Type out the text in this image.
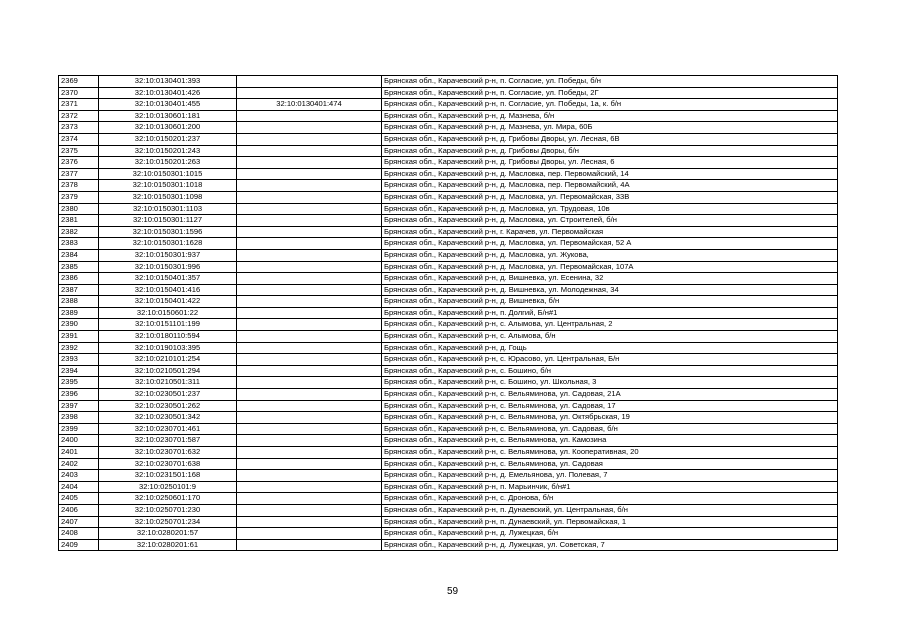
2369	32:10:0130401:393		Брянская обл., Карачевский р-н, п. Согласие, ул. Победы, б/н
2370	32:10:0130401:426		Брянская обл., Карачевский р-н, п. Согласие, ул. Победы, 2Г
2371	32:10:0130401:455	32:10:0130401:474	Брянская обл., Карачевский р-н, п. Согласие, ул. Победы, 1а, к. б/н
2372	32:10:0130601:181		Брянская обл., Карачевский р-н, д. Мазнева, б/н
2373	32:10:0130601:200		Брянская обл., Карачевский р-н, д. Мазнева, ул. Мира, 60Б
2374	32:10:0150201:237		Брянская обл., Карачевский р-н, д. Грибовы Дворы, ул. Лесная, 6В
2375	32:10:0150201:243		Брянская обл., Карачевский р-н, д. Грибовы Дворы, б/н
2376	32:10:0150201:263		Брянская обл., Карачевский р-н, д. Грибовы Дворы, ул. Лесная, 6
2377	32:10:0150301:1015		Брянская обл., Карачевский р-н, д. Масловка, пер. Первомайский, 14
2378	32:10:0150301:1018		Брянская обл., Карачевский р-н, д. Масловка, пер. Первомайский, 4А
2379	32:10:0150301:1098		Брянская обл., Карачевский р-н, д. Масловка, ул. Первомайская, 33В
2380	32:10:0150301:1103		Брянская обл., Карачевский р-н, д. Масловка, ул. Трудовая, 10в
2381	32:10:0150301:1127		Брянская обл., Карачевский р-н, д. Масловка, ул. Строителей, б/н
2382	32:10:0150301:1596		Брянская обл., Карачевский р-н, г. Карачев, ул. Первомайская
2383	32:10:0150301:1628		Брянская обл., Карачевский р-н, д. Масловка, ул. Первомайская, 52 А
2384	32:10:0150301:937		Брянская обл., Карачевский р-н, д. Масловка, ул. Жукова,
2385	32:10:0150301:996		Брянская обл., Карачевский р-н, д. Масловка, ул. Первомайская, 107А
2386	32:10:0150401:357		Брянская обл., Карачевский р-н, д. Вишневка, ул. Есенина, 32
2387	32:10:0150401:416		Брянская обл., Карачевский р-н, д. Вишневка, ул. Молодежная, 34
2388	32:10:0150401:422		Брянская обл., Карачевский р-н, д. Вишневка, б/н
2389	32:10:0150601:22		Брянская обл., Карачевский р-н, п. Долгий, Б/н#1
2390	32:10:0151101:199		Брянская обл., Карачевский р-н, с. Алымова, ул. Центральная, 2
2391	32:10:0180110:594		Брянская обл., Карачевский р-н, с. Алымова, б/н
2392	32:10:0190103:395		Брянская обл., Карачевский р-н, д. Гощь
2393	32:10:0210101:254		Брянская обл., Карачевский р-н, с. Юрасово, ул. Центральная, Б/н
2394	32:10:0210501:294		Брянская обл., Карачевский р-н, с. Бошино, б/н
2395	32:10:0210501:311		Брянская обл., Карачевский р-н, с. Бошино, ул. Школьная, 3
2396	32:10:0230501:237		Брянская обл., Карачевский р-н, с. Вельяминова, ул. Садовая, 21А
2397	32:10:0230501:262		Брянская обл., Карачевский р-н, с. Вельяминова, ул. Садовая, 17
2398	32:10:0230501:342		Брянская обл., Карачевский р-н, с. Вельяминова, ул. Октябрьская, 19
2399	32:10:0230701:461		Брянская обл., Карачевский р-н, с. Вельяминова, ул. Садовая, б/н
2400	32:10:0230701:587		Брянская обл., Карачевский р-н, с. Вельяминова, ул. Камозина
2401	32:10:0230701:632		Брянская обл., Карачевский р-н, с. Вельяминова, ул. Кооперативная, 20
2402	32:10:0230701:638		Брянская обл., Карачевский р-н, с. Вельяминова, ул. Садовая
2403	32:10:0231501:168		Брянская обл., Карачевский р-н, д. Емельянова, ул. Полевая, 7
2404	32:10:0250101:9		Брянская обл., Карачевский р-н, п. Марьинчик, б/н#1
2405	32:10:0250601:170		Брянская обл., Карачевский р-н, с. Дронова, б/н
2406	32:10:0250701:230		Брянская обл., Карачевский р-н, п. Дунаевский, ул. Центральная, б/н
2407	32:10:0250701:234		Брянская обл., Карачевский р-н, п. Дунаевский, ул. Первомайская, 1
2408	32:10:0280201:57		Брянская обл., Карачевский р-н, д. Лужецкая, б/н
2409	32:10:0280201:61		Брянская обл., Карачевский р-н, д. Лужецкая, ул. Советская, 7
59
